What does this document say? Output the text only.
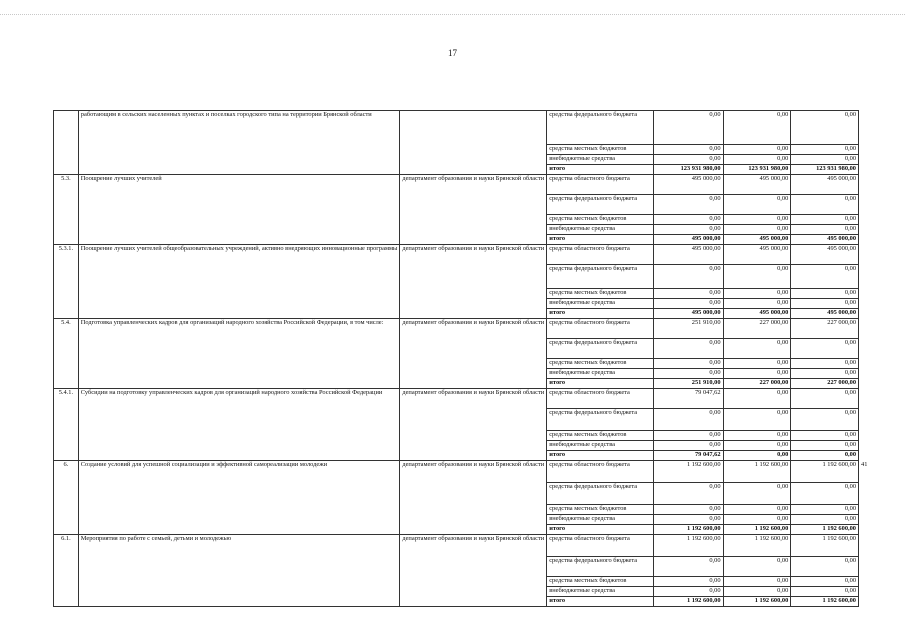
17
	работающим в сельских населенных пунктах и поселках городского типа на территории Брянской области		средства федерального бюджета	0,00	0,00	0,00	
			средства местных бюджетов	0,00	0,00	0,00	
			внебюджетные средства	0,00	0,00	0,00	
			итого	123 931 980,00	123 931 980,00	123 931 980,00	
5.3.	Поощрение лучших учителей	департамент образования и науки Брянской области	средства областного бюджета	495 000,00	495 000,00	495 000,00	
			средства федерального бюджета	0,00	0,00	0,00	
			средства местных бюджетов	0,00	0,00	0,00	
			внебюджетные средства	0,00	0,00	0,00	
			итого	495 000,00	495 000,00	495 000,00	
5.3.1.	Поощрение лучших учителей общеобразовательных учреждений, активно внедряющих инновационные программы	департамент образования и науки Брянской области	средства областного бюджета	495 000,00	495 000,00	495 000,00	
			средства федерального бюджета	0,00	0,00	0,00	
			средства местных бюджетов	0,00	0,00	0,00	
			внебюджетные средства	0,00	0,00	0,00	
			итого	495 000,00	495 000,00	495 000,00	
5.4.	Подготовка управленческих кадров для организаций народного хозяйства Российской Федерации, в том числе:	департамент образования и науки Брянской области	средства областного бюджета	251 910,00	227 000,00	227 000,00	
			средства федерального бюджета	0,00	0,00	0,00	
			средства местных бюджетов	0,00	0,00	0,00	
			внебюджетные средства	0,00	0,00	0,00	
			итого	251 910,00	227 000,00	227 000,00	
5.4.1.	Субсидии на подготовку управленческих кадров для организаций народного хозяйства Российской Федерации	департамент образования и науки Брянской области	средства областного бюджета	79 047,62	0,00	0,00	
			средства федерального бюджета	0,00	0,00	0,00	
			средства местных бюджетов	0,00	0,00	0,00	
			внебюджетные средства	0,00	0,00	0,00	
			итого	79 047,62	0,00	0,00	
6.	Создание условий для успешной социализации и эффективной самореализации молодежи	департамент образования и науки Брянской области	средства областного бюджета	1 192 600,00	1 192 600,00	1 192 600,00	41
			средства федерального бюджета	0,00	0,00	0,00	
			средства местных бюджетов	0,00	0,00	0,00	
			внебюджетные средства	0,00	0,00	0,00	
			итого	1 192 600,00	1 192 600,00	1 192 600,00	
6.1.	Мероприятия по работе с семьей, детьми и молодежью	департамент образования и науки Брянской области	средства областного бюджета	1 192 600,00	1 192 600,00	1 192 600,00	
			средства федерального бюджета	0,00	0,00	0,00	
			средства местных бюджетов	0,00	0,00	0,00	
			внебюджетные средства	0,00	0,00	0,00	
			итого	1 192 600,00	1 192 600,00	1 192 600,00	
